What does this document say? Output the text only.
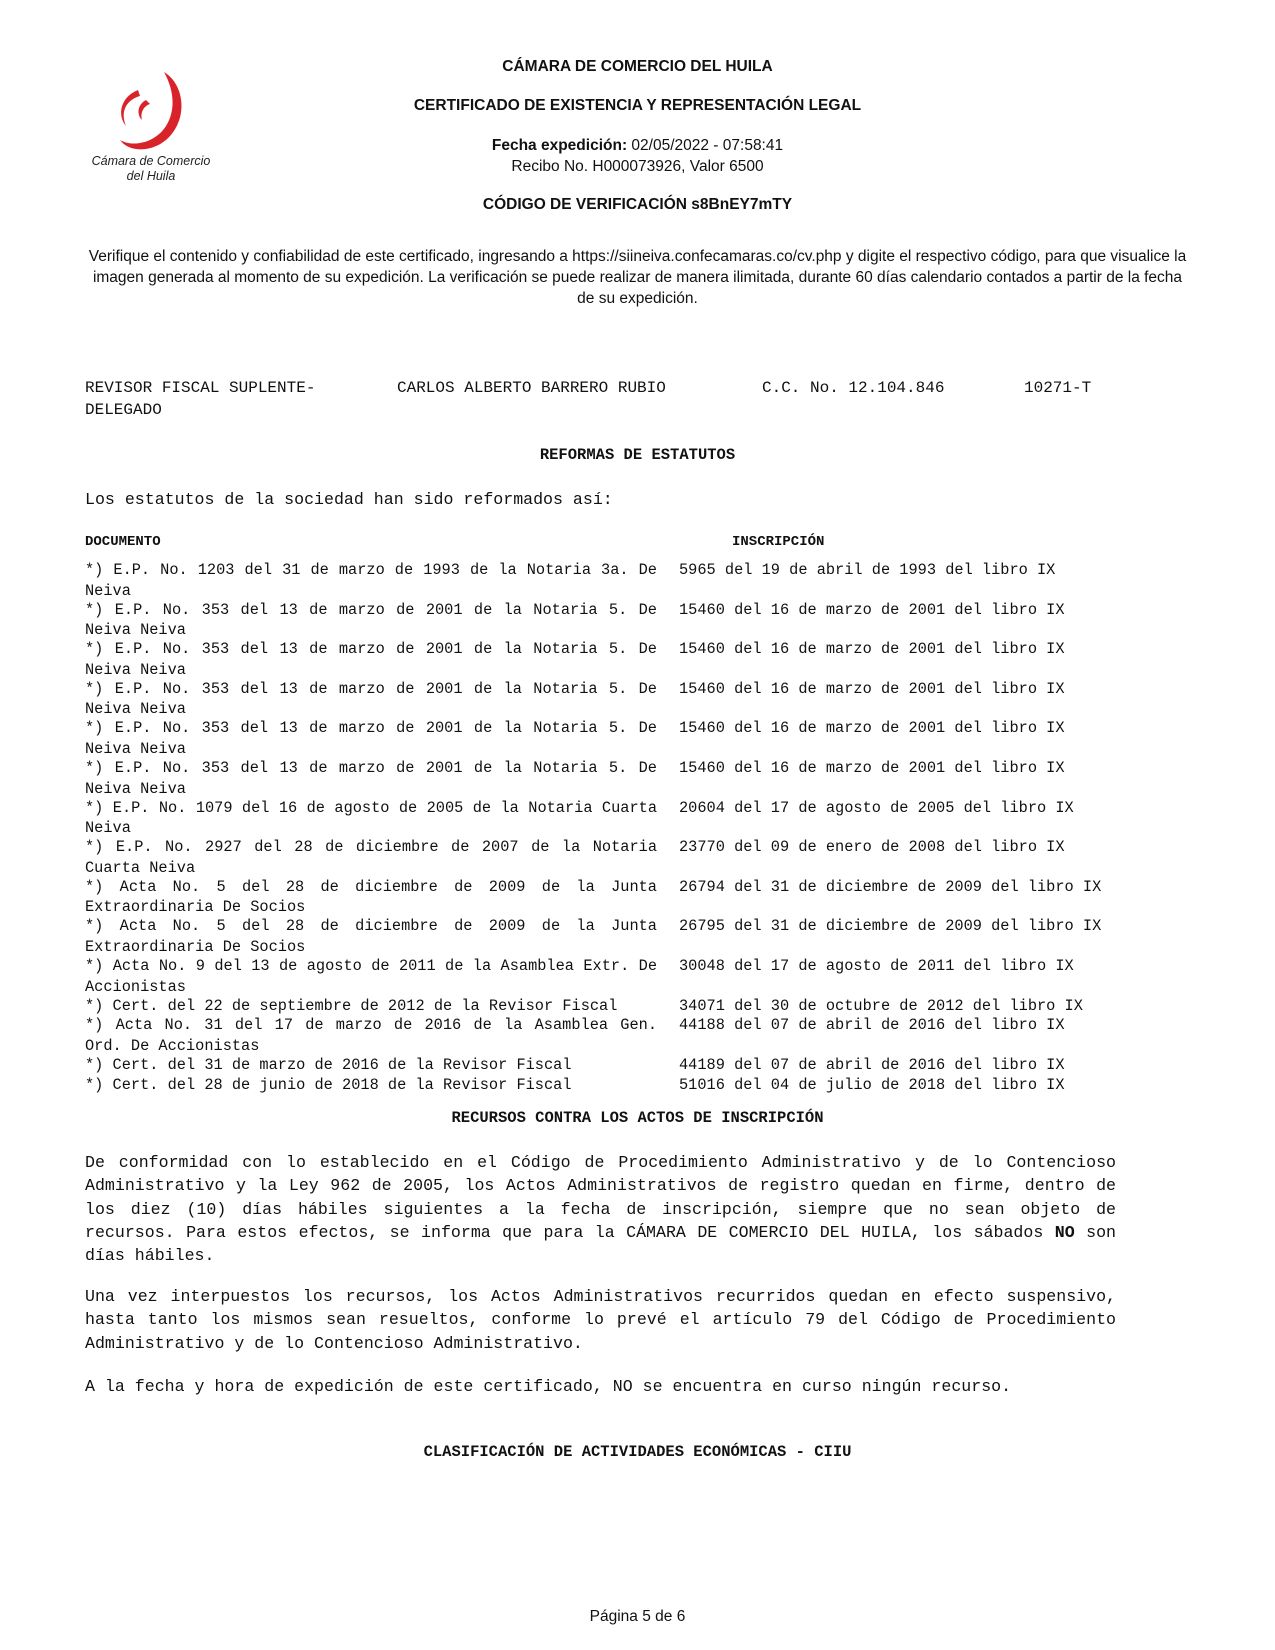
Cámara de Comercio
del Huila
CÁMARA DE COMERCIO DEL HUILA
CERTIFICADO DE EXISTENCIA Y REPRESENTACIÓN LEGAL
Fecha expedición: 02/05/2022 - 07:58:41
Recibo No. H000073926, Valor 6500
CÓDIGO DE VERIFICACIÓN s8BnEY7mTY
Verifique el contenido y confiabilidad de este certificado, ingresando a https://siineiva.confecamaras.co/cv.php y digite el respectivo código, para que visualice la imagen generada al momento de su expedición. La verificación se puede realizar de manera ilimitada, durante 60 días calendario contados a partir de la fecha de su expedición.
REVISOR FISCAL SUPLENTE-
DELEGADO
CARLOS ALBERTO BARRERO RUBIO	C.C. No. 12.104.846	10271-T
REFORMAS DE ESTATUTOS
Los estatutos de la sociedad han sido reformados así:
DOCUMENTO	INSCRIPCIÓN
*) E.P. No. 1203 del 31 de marzo de 1993 de la Notaria 3a. De Neiva
5965 del 19 de abril de 1993 del libro IX
*) E.P. No. 353 del 13 de marzo de 2001 de la Notaria 5. De Neiva Neiva
15460 del 16 de marzo de 2001 del libro IX
*) E.P. No. 353 del 13 de marzo de 2001 de la Notaria 5. De Neiva Neiva
15460 del 16 de marzo de 2001 del libro IX
*) E.P. No. 353 del 13 de marzo de 2001 de la Notaria 5. De Neiva Neiva
15460 del 16 de marzo de 2001 del libro IX
*) E.P. No. 353 del 13 de marzo de 2001 de la Notaria 5. De Neiva Neiva
15460 del 16 de marzo de 2001 del libro IX
*) E.P. No. 353 del 13 de marzo de 2001 de la Notaria 5. De Neiva Neiva
15460 del 16 de marzo de 2001 del libro IX
*) E.P. No. 1079 del 16 de agosto de 2005 de la Notaria Cuarta Neiva
20604 del 17 de agosto de 2005 del libro IX
*) E.P. No. 2927 del 28 de diciembre de 2007 de la Notaria Cuarta Neiva
23770 del 09 de enero de 2008 del libro IX
*) Acta No. 5 del 28 de diciembre de 2009 de la Junta Extraordinaria De Socios
26794 del 31 de diciembre de 2009 del libro IX
*) Acta No. 5 del 28 de diciembre de 2009 de la Junta Extraordinaria De Socios
26795 del 31 de diciembre de 2009 del libro IX
*) Acta No. 9 del 13 de agosto de 2011 de la Asamblea Extr. De Accionistas
30048 del 17 de agosto de 2011 del libro IX
*) Cert. del 22 de septiembre de 2012 de la Revisor Fiscal	34071 del 30 de octubre de 2012 del libro IX
*) Acta No. 31 del 17 de marzo de 2016 de la Asamblea Gen. Ord. De Accionistas
44188 del 07 de abril de 2016 del libro IX
*) Cert. del 31 de marzo de 2016 de la Revisor Fiscal	44189 del 07 de abril de 2016 del libro IX
*) Cert. del 28 de junio de 2018 de la Revisor Fiscal	51016 del 04 de julio de 2018 del libro IX
RECURSOS CONTRA LOS ACTOS DE INSCRIPCIÓN
De conformidad con lo establecido en el Código de Procedimiento Administrativo y de lo Contencioso Administrativo y la Ley 962 de 2005, los Actos Administrativos de registro quedan en firme, dentro de los diez (10) días hábiles siguientes a la fecha de inscripción, siempre que no sean objeto de recursos. Para estos efectos, se informa que para la CÁMARA DE COMERCIO DEL HUILA, los sábados NO son días hábiles.
Una vez interpuestos los recursos, los Actos Administrativos recurridos quedan en efecto suspensivo, hasta tanto los mismos sean resueltos, conforme lo prevé el artículo 79 del Código de Procedimiento Administrativo y de lo Contencioso Administrativo.
A la fecha y hora de expedición de este certificado, NO se encuentra en curso ningún recurso.
CLASIFICACIÓN DE ACTIVIDADES ECONÓMICAS - CIIU
Página 5 de 6
